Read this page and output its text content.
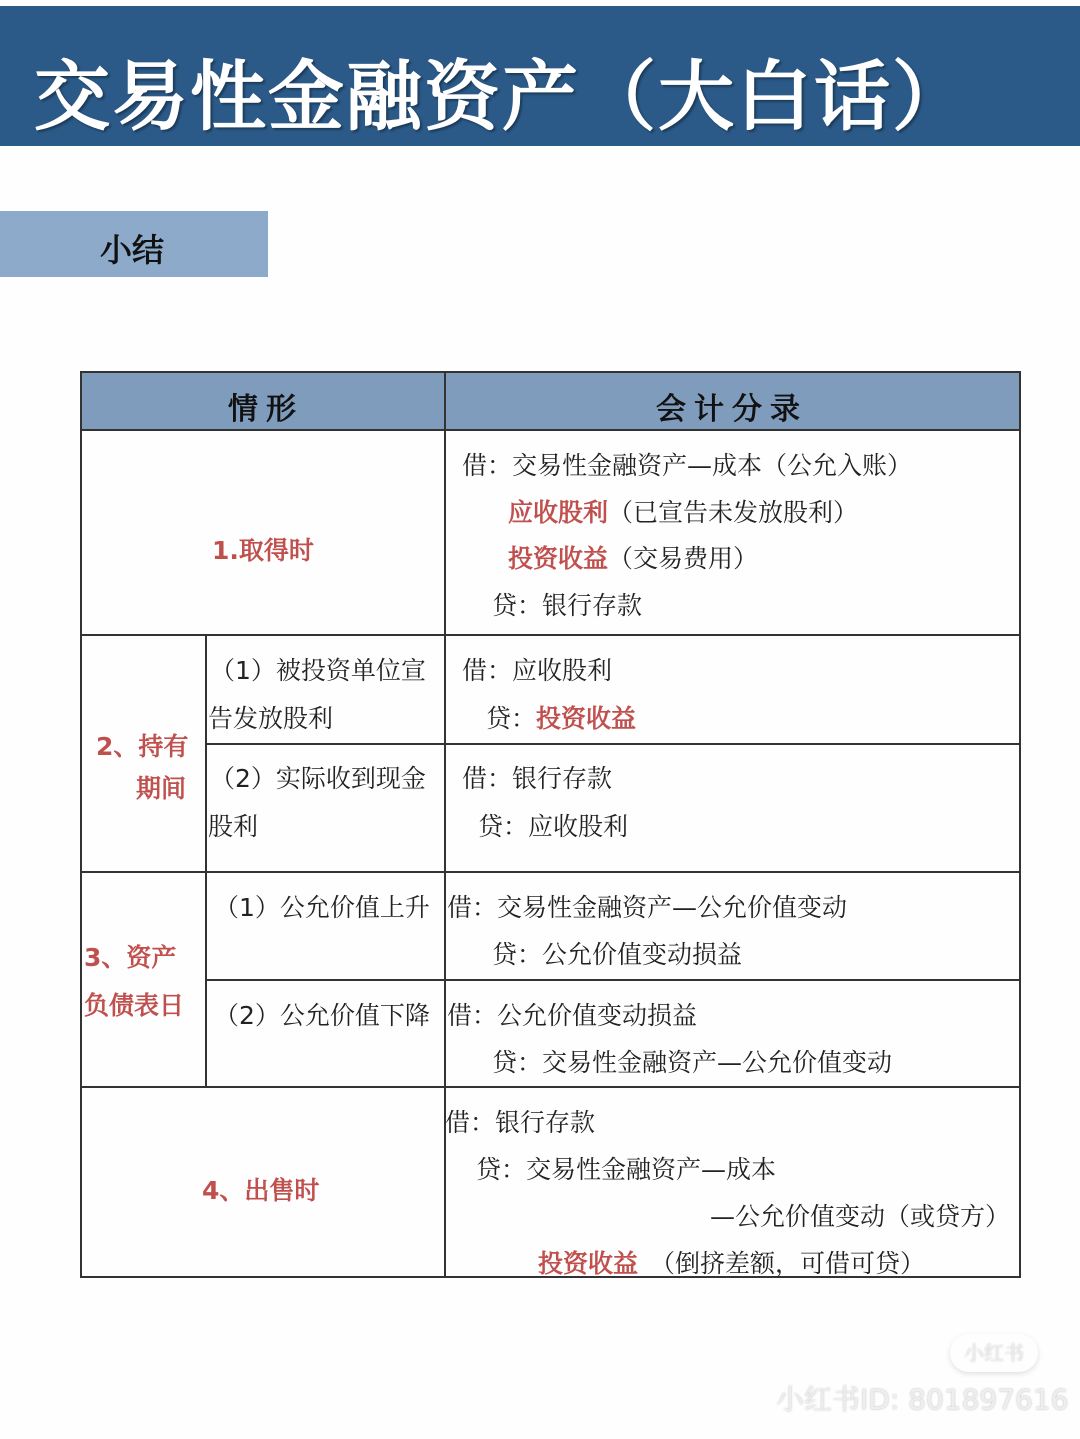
交易性金融资产（大白话）
小结
情形	会计分录
1.取得时
借：交易性金融资产—成本（公允入账）
应收股利（已宣告未发放股利）
投资收益（交易费用）
贷：银行存款
2、持有
期间
（1）被投资单位宣
告发放股利
借：应收股利
贷：投资收益
（2）实际收到现金
股利
借：银行存款
贷：应收股利
3、资产
负债表日
（1）公允价值上升 借：交易性金融资产—公允价值变动
贷：公允价值变动损益
（2）公允价值下降 借：公允价值变动损益
贷：交易性金融资产—公允价值变动
4、出售时
借：银行存款
贷：交易性金融资产—成本
—公允价值变动（或贷方）
投资收益 （倒挤差额，可借可贷）
小红书
小红书ID: 801897616
